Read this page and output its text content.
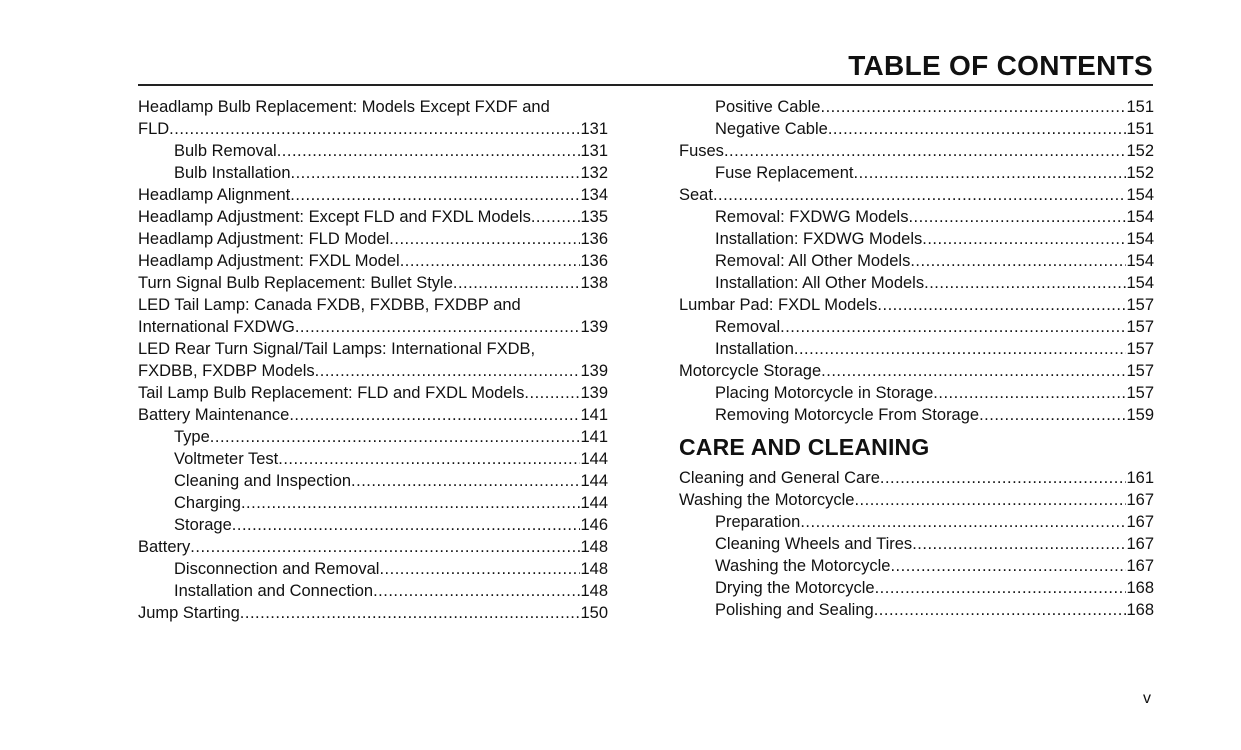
TABLE OF CONTENTS
Headlamp Bulb Replacement: Models Except FXDF and
FLD .....	131
Bulb Removal .....	131
Bulb Installation .....	132
Headlamp Alignment .....	134
Headlamp Adjustment: Except FLD and FXDL Models .....	135
Headlamp Adjustment: FLD Model .....	136
Headlamp Adjustment: FXDL Model .....	136
Turn Signal Bulb Replacement: Bullet Style .....	138
LED Tail Lamp: Canada FXDB, FXDBB, FXDBP and
International FXDWG .....	139
LED Rear Turn Signal/Tail Lamps: International FXDB,
FXDBB, FXDBP Models .....	139
Tail Lamp Bulb Replacement: FLD and FXDL Models .....	139
Battery Maintenance .....	141
Type .....	141
Voltmeter Test .....	144
Cleaning and Inspection .....	144
Charging .....	144
Storage .....	146
Battery .....	148
Disconnection and Removal .....	148
Installation and Connection .....	148
Jump Starting .....	150
Positive Cable .....	151
Negative Cable .....	151
Fuses .....	152
Fuse Replacement .....	152
Seat .....	154
Removal: FXDWG Models .....	154
Installation: FXDWG Models .....	154
Removal: All Other Models .....	154
Installation: All Other Models .....	154
Lumbar Pad: FXDL Models .....	157
Removal .....	157
Installation .....	157
Motorcycle Storage .....	157
Placing Motorcycle in Storage .....	157
Removing Motorcycle From Storage .....	159
CARE AND CLEANING
Cleaning and General Care .....	161
Washing the Motorcycle .....	167
Preparation .....	167
Cleaning Wheels and Tires .....	167
Washing the Motorcycle .....	167
Drying the Motorcycle .....	168
Polishing and Sealing .....	168
v
